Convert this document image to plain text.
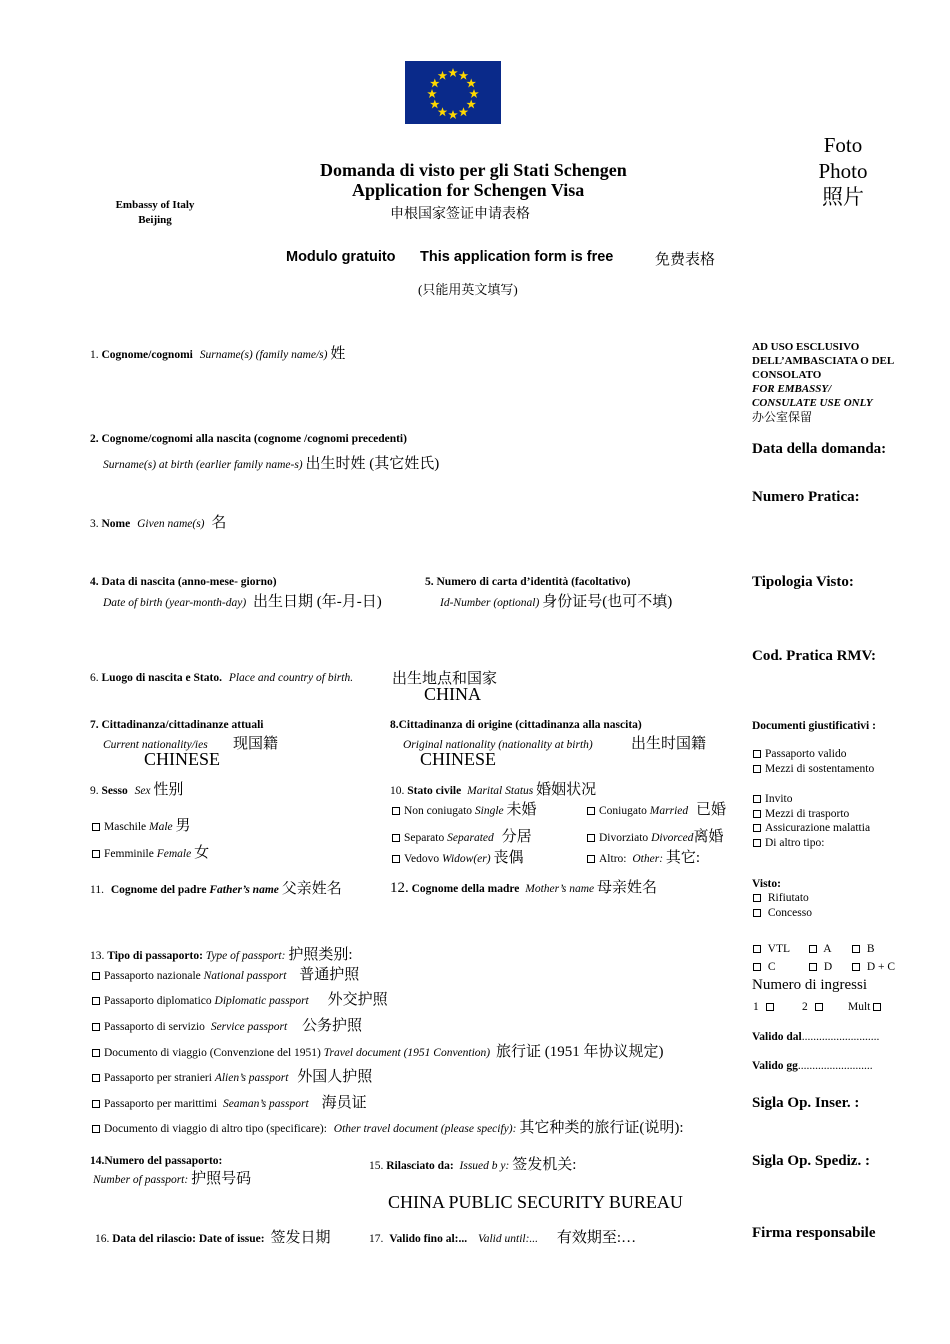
Foto
Photo
照片
Domanda di visto per gli Stati Schengen
Application for Schengen Visa
申根国家签证申请表格
Embassy of Italy
Beijing
Modulo gratuito This application form is free	免费表格
(只能用英文填写)
1. Cognome/cognomi Surname(s) (family name/s) 姓
2. Cognome/cognomi alla nascita (cognome /cognomi precedenti)
Surname(s) at birth (earlier family name-s) 出生时姓 (其它姓氏)
3. Nome Given name(s) 名
4. Data di nascita (anno-mese- giorno)
Date of birth (year-month-day) 出生日期 (年-月-日)
5. Numero di carta d’identità (facoltativo)
Id-Number (optional) 身份证号(也可不填)
6. Luogo di nascita e Stato. Place and country of birth.	出生地点和国家
CHINA
7. Cittadinanza/cittadinanze attuali
Current nationality/ies 现国籍
CHINESE
8.Cittadinanza di origine (cittadinanza alla nascita)
Original nationality (nationality at birth)	出生时国籍
CHINESE
9. Sesso Sex 性别
Maschile Male 男
Femminile Female 女
10. Stato civile Marital Status 婚姻状况
Non coniugato Single 未婚	Coniugato Married 已婚
Separato Separated 分居	Divorziato Divorced离婚
Vedovo Widow(er) 丧偶	Altro: Other: 其它:
11. Cognome del padre Father’s name 父亲姓名	12. Cognome della madre Mother’s name 母亲姓名
13. Tipo di passaporto: Type of passport: 护照类别:
Passaporto nazionale National passport 普通护照
Passaporto diplomatico Diplomatic passport 外交护照
Passaporto di servizio Service passport 公务护照
Documento di viaggio (Convenzione del 1951) Travel document (1951 Convention) 旅行证 (1951 年协议规定)
Passaporto per stranieri Alien’s passport 外国人护照
Passaporto per marittimi Seaman’s passport 海员证
Documento di viaggio di altro tipo (specificare): Other travel document (please specify): 其它种类的旅行证(说明):
14.Numero del passaporto:
Number of passport: 护照号码
15. Rilasciato da: Issued b y: 签发机关:
CHINA PUBLIC SECURITY BUREAU
16. Data del rilascio: Date of issue: 签发日期	17. Valido fino al:... Valid until:... 有效期至:…
AD USO ESCLUSIVO
DELL’AMBASCIATA O DEL
CONSOLATO
FOR EMBASSY/
CONSULATE USE ONLY
办公室保留
Data della domanda:
Numero Pratica:
Tipologia Visto:
Cod. Pratica RMV:
Documenti giustificativi :
Passaporto valido
Mezzi di sostentamento
Invito
Mezzi di trasporto
Assicurazione malattia
Di altro tipo:
Visto:
Rifiutato
Concesso
VTL	A	B
C	D	D + C
Numero di ingressi
1	2	Mult
Valido dal...........................
Valido gg..........................
Sigla Op. Inser. :
Sigla Op. Spediz. :
Firma responsabile
